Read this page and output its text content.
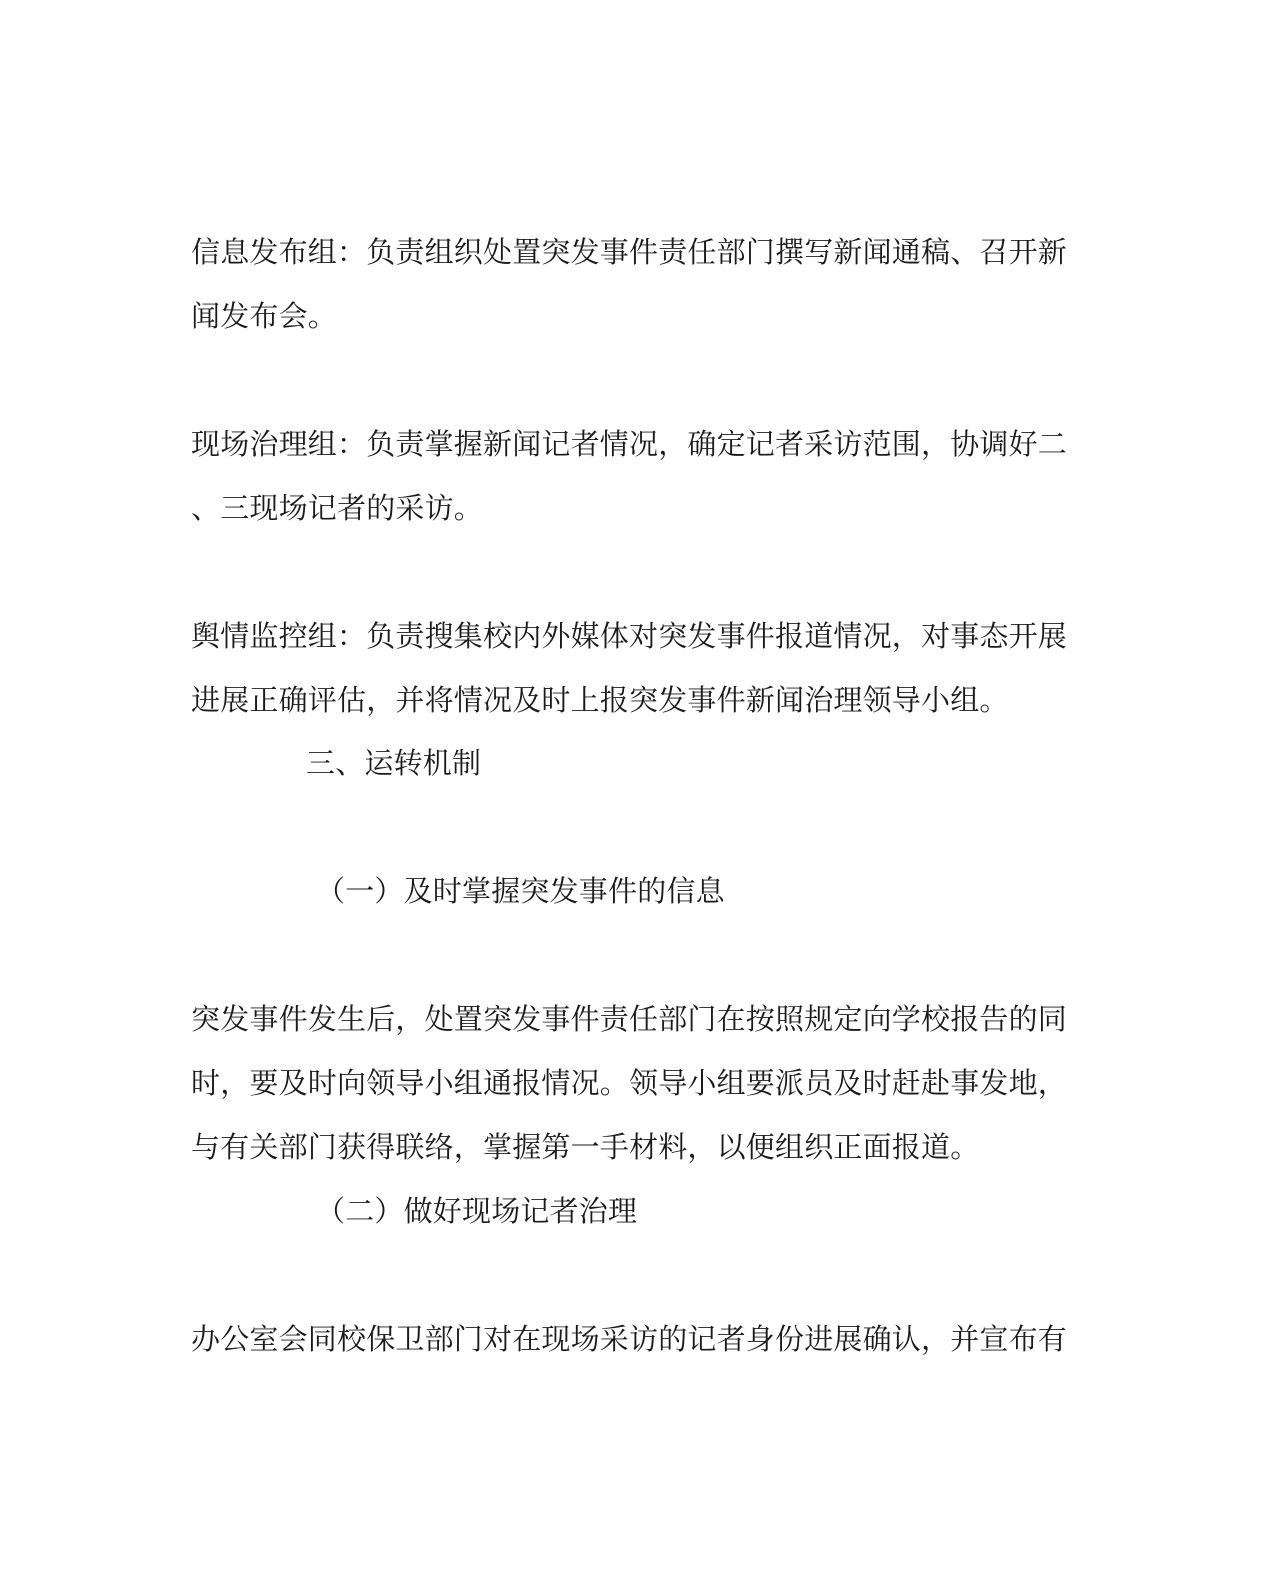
信息发布组：负责组织处置突发事件责任部门撰写新闻通稿、召开新
闻发布会。
现场治理组：负责掌握新闻记者情况，确定记者采访范围，协调好二
、三现场记者的采访。
舆情监控组：负责搜集校内外媒体对突发事件报道情况，对事态开展
进展正确评估，并将情况及时上报突发事件新闻治理领导小组。
三、运转机制
（一）及时掌握突发事件的信息
突发事件发生后，处置突发事件责任部门在按照规定向学校报告的同
时，要及时向领导小组通报情况。领导小组要派员及时赶赴事发地，
与有关部门获得联络，掌握第一手材料，以便组织正面报道。
（二）做好现场记者治理
办公室会同校保卫部门对在现场采访的记者身份进展确认，并宣布有
